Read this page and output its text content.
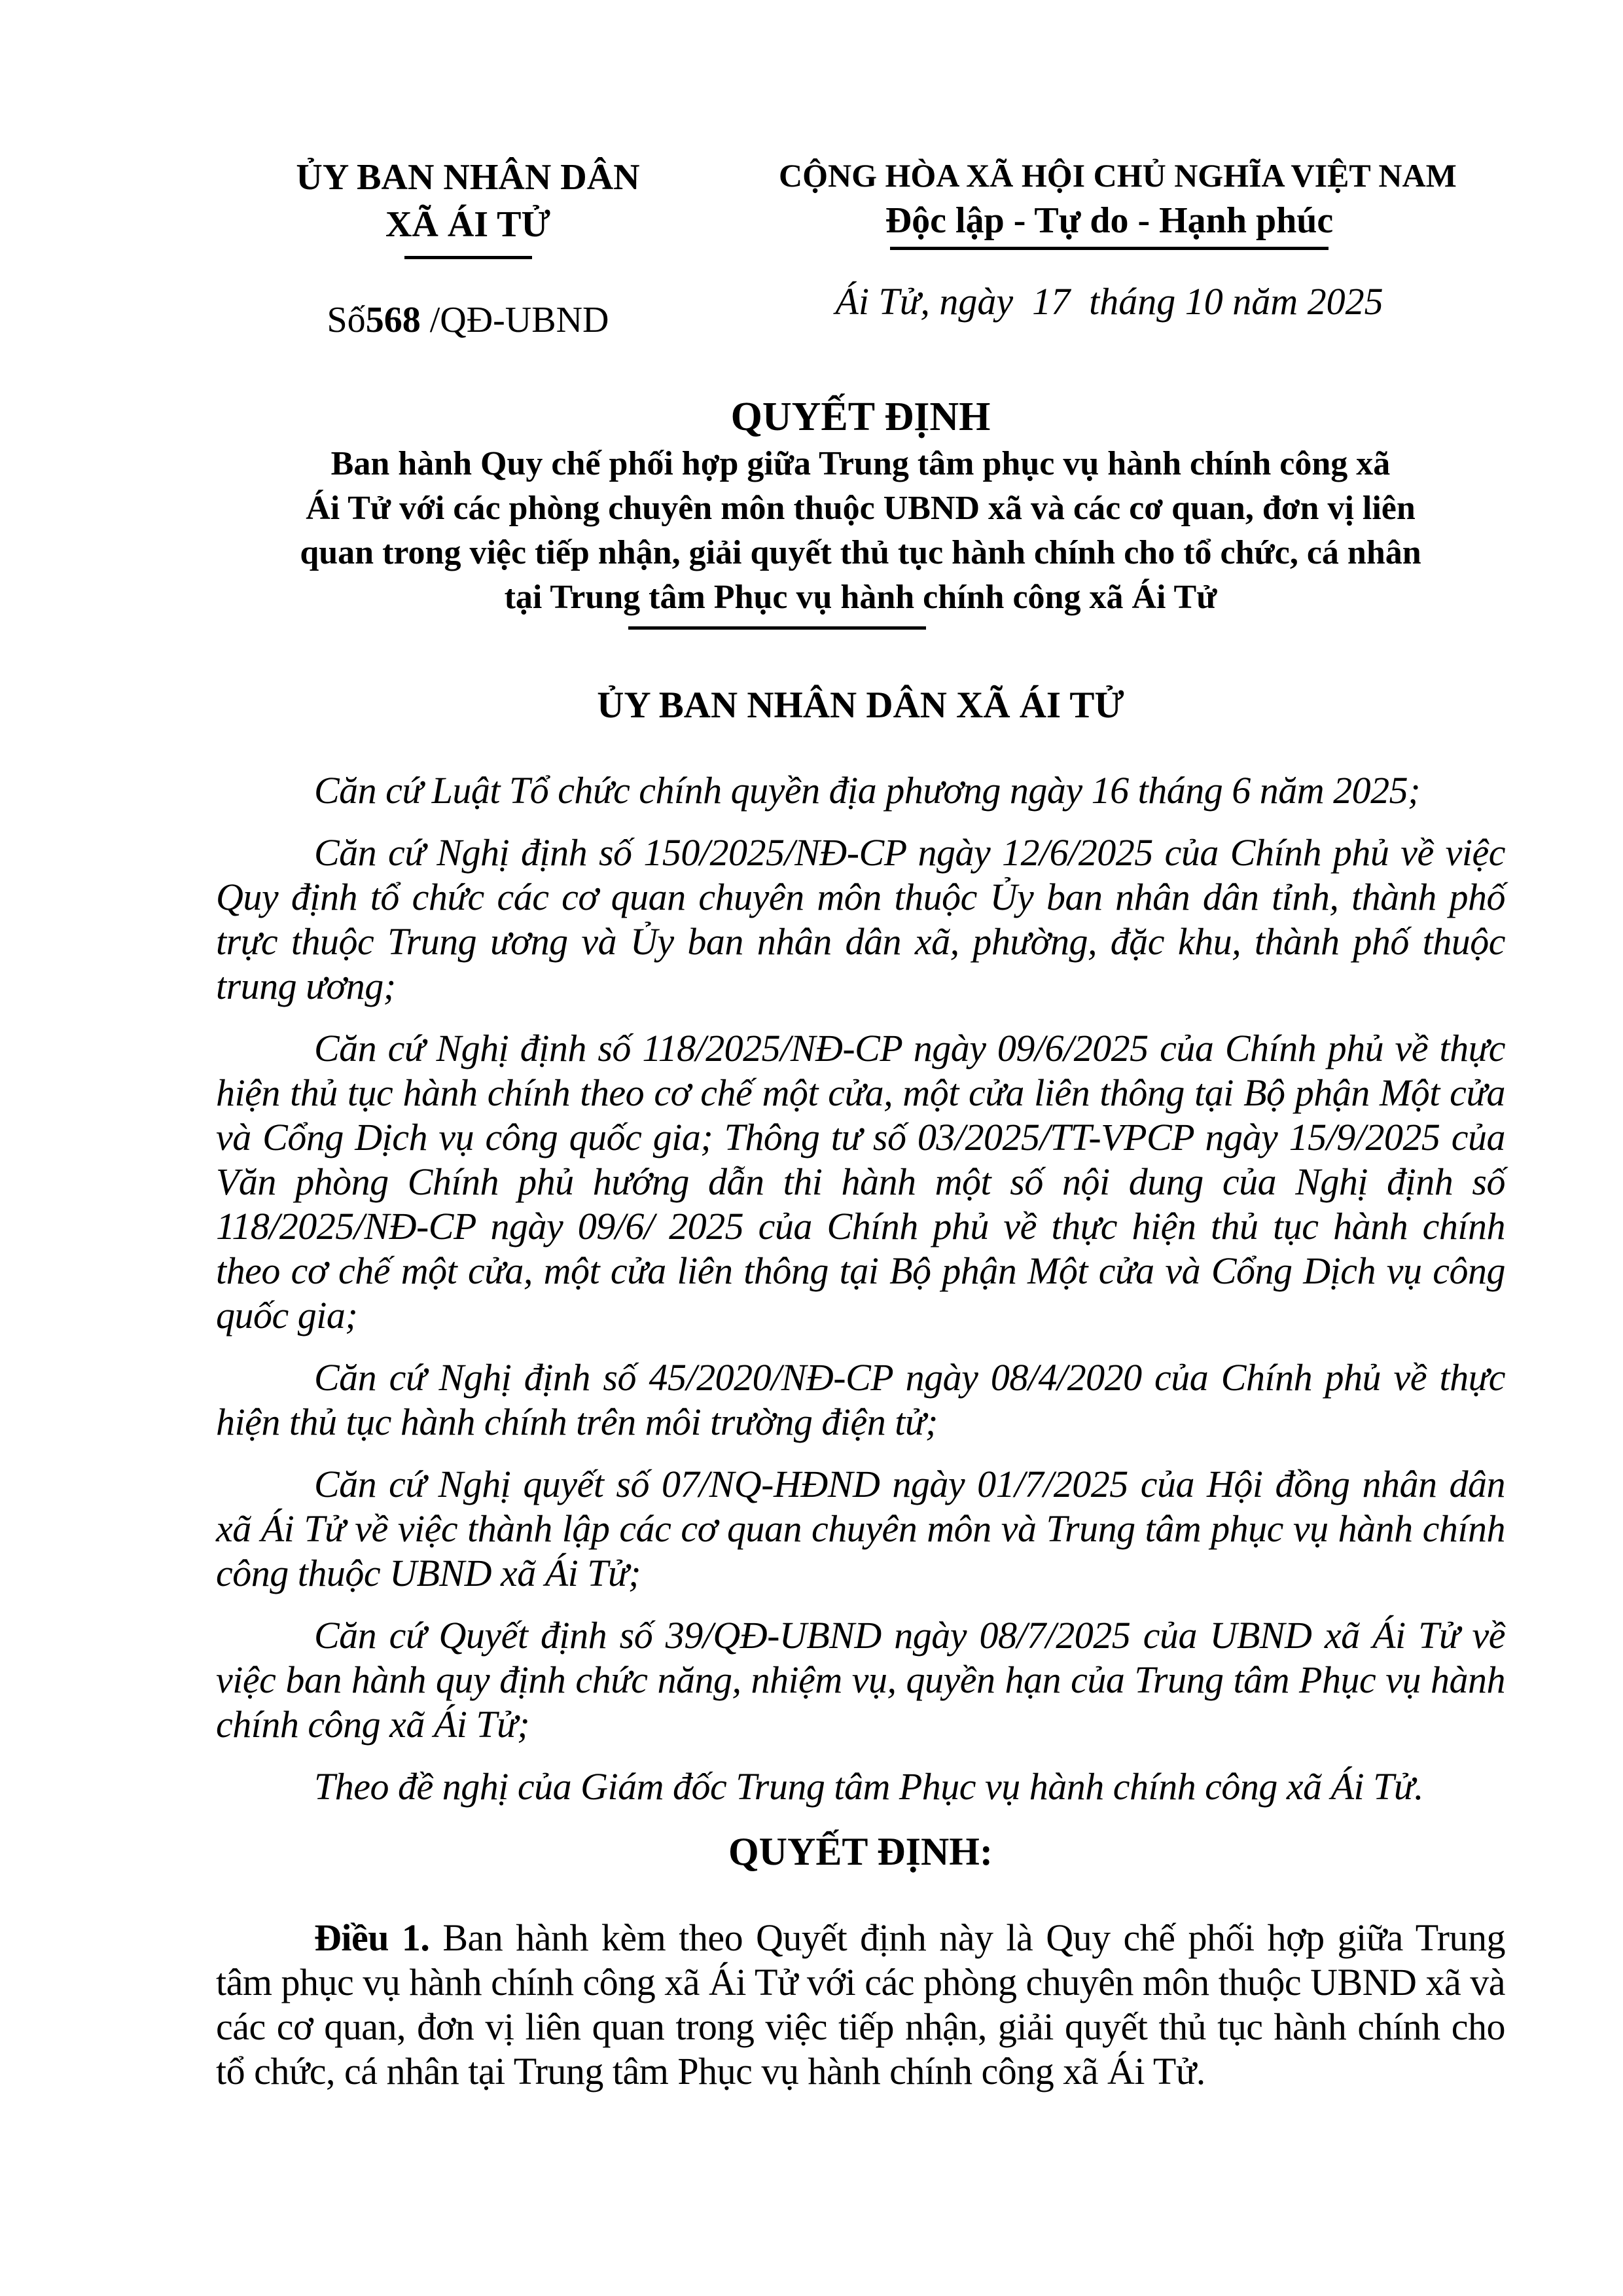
ỦY BAN NHÂN DÂN
XÃ ÁI TỬ
Số568 /QĐ-UBND
CỘNG HÒA XÃ HỘI CHỦ NGHĨA VIỆT NAM
Độc lập - Tự do - Hạnh phúc
Ái Tử, ngày  17  tháng 10 năm 2025
QUYẾT ĐỊNH
Ban hành Quy chế phối hợp giữa Trung tâm phục vụ hành chính công xã
Ái Tử với các phòng chuyên môn thuộc UBND xã và các cơ quan, đơn vị liên
quan trong việc tiếp nhận, giải quyết thủ tục hành chính cho tổ chức, cá nhân
tại Trung tâm Phục vụ hành chính công xã Ái Tử
ỦY BAN NHÂN DÂN XÃ ÁI TỬ

Căn cứ Luật Tổ chức chính quyền địa phương ngày 16 tháng 6 năm 2025;

Căn cứ Nghị định số 150/2025/NĐ-CP ngày 12/6/2025 của Chính phủ về việc Quy định tổ chức các cơ quan chuyên môn thuộc Ủy ban nhân dân tỉnh, thành phố trực thuộc Trung ương và Ủy ban nhân dân xã, phường, đặc khu, thành phố thuộc trung ương;

Căn cứ Nghị định số 118/2025/NĐ-CP ngày 09/6/2025 của Chính phủ về thực hiện thủ tục hành chính theo cơ chế một cửa, một cửa liên thông tại Bộ phận Một cửa và Cổng Dịch vụ công quốc gia; Thông tư số 03/2025/TT-VPCP ngày 15/9/2025 của Văn phòng Chính phủ hướng dẫn thi hành một số nội dung của Nghị định số 118/2025/NĐ-CP ngày 09/6/ 2025 của Chính phủ về thực hiện thủ tục hành chính theo cơ chế một cửa, một cửa liên thông tại Bộ phận Một cửa và Cổng Dịch vụ công quốc gia;

Căn cứ Nghị định số 45/2020/NĐ-CP ngày 08/4/2020 của Chính phủ về thực hiện thủ tục hành chính trên môi trường điện tử;

Căn cứ Nghị quyết số 07/NQ-HĐND ngày 01/7/2025 của Hội đồng nhân dân xã Ái Tử về việc thành lập các cơ quan chuyên môn và Trung tâm phục vụ hành chính công thuộc UBND xã Ái Tử;

Căn cứ Quyết định số 39/QĐ-UBND ngày 08/7/2025 của UBND xã Ái Tử về việc ban hành quy định chức năng, nhiệm vụ, quyền hạn của Trung tâm Phục vụ hành chính công xã Ái Tử;

Theo đề nghị của Giám đốc Trung tâm Phục vụ hành chính công xã Ái Tử.

QUYẾT ĐỊNH:

Điều 1. Ban hành kèm theo Quyết định này là Quy chế phối hợp giữa Trung tâm phục vụ hành chính công xã Ái Tử với các phòng chuyên môn thuộc UBND xã và các cơ quan, đơn vị liên quan trong việc tiếp nhận, giải quyết thủ tục hành chính cho tổ chức, cá nhân tại Trung tâm Phục vụ hành chính công xã Ái Tử.
